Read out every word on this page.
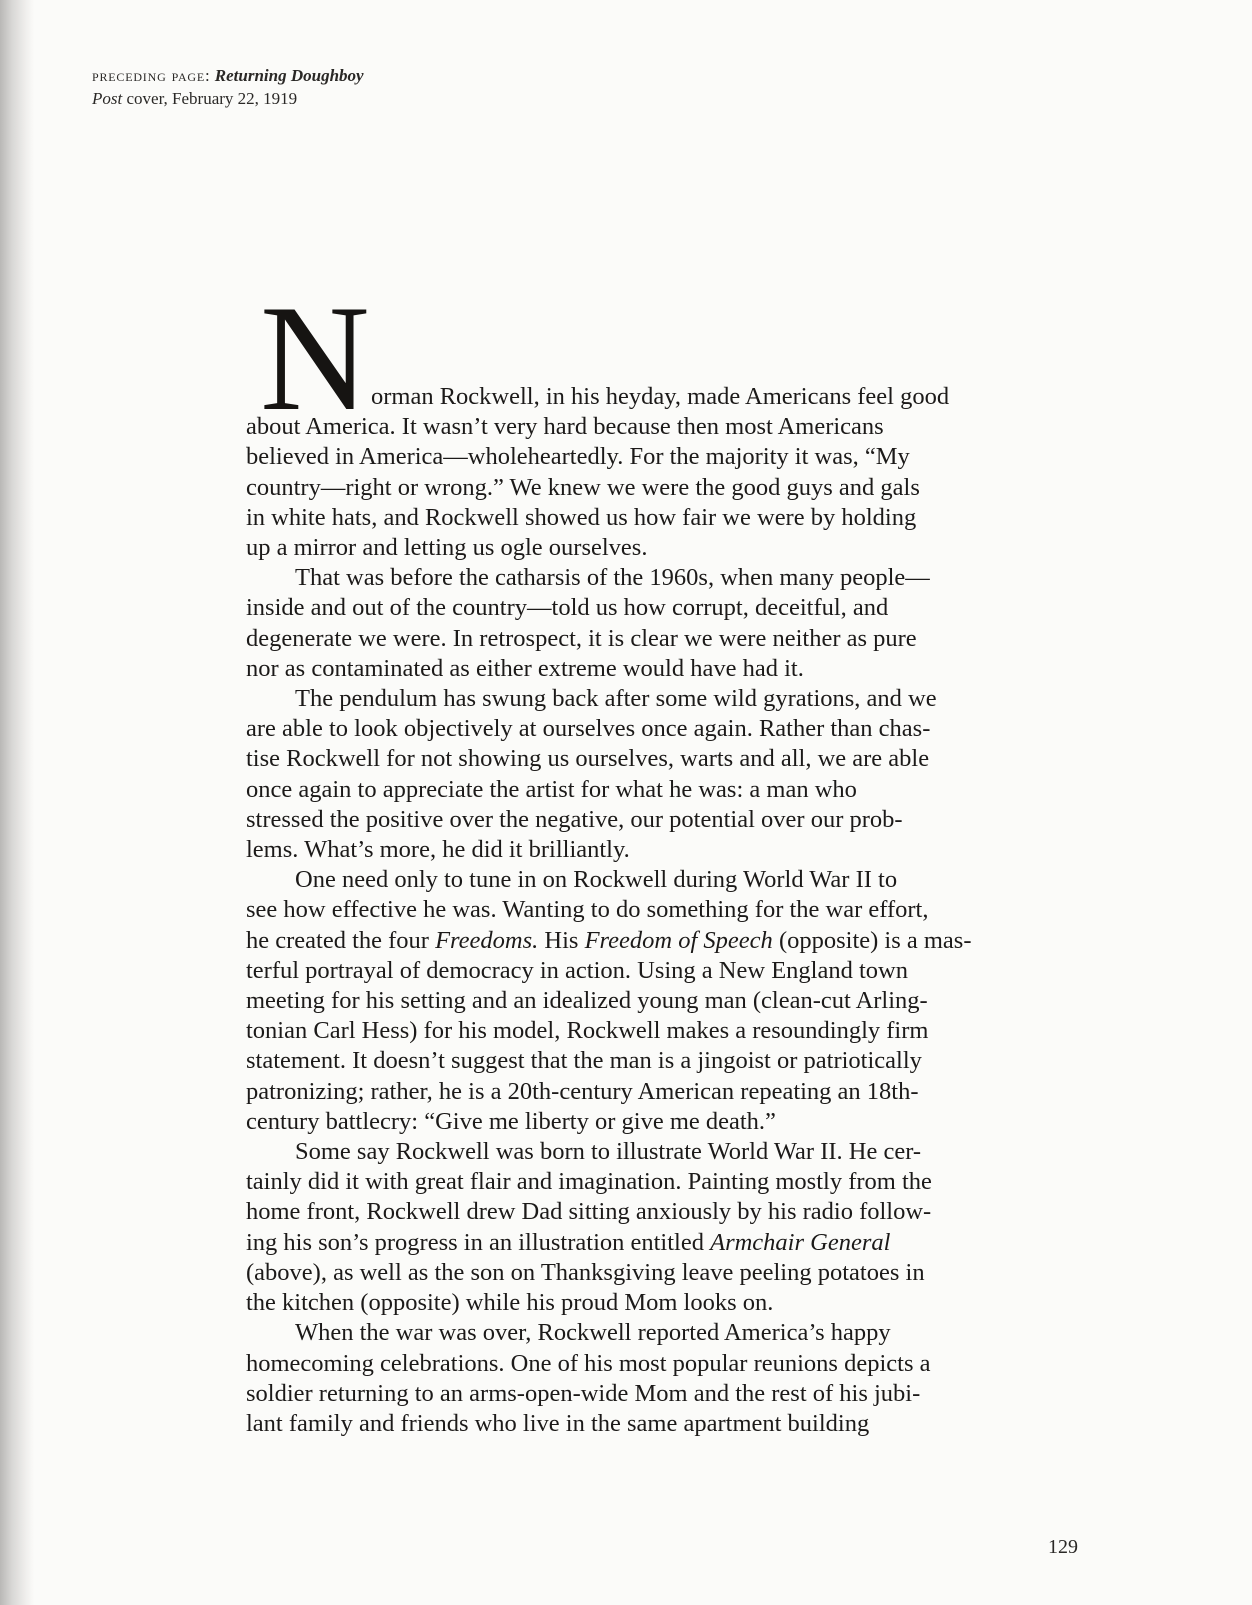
preceding page: Returning Doughboy
Post cover, February 22, 1919
N orman Rockwell, in his heyday, made Americans feel good
about America. It wasn’t very hard because then most Americans
believed in America—wholeheartedly. For the majority it was, “My
country—right or wrong.” We knew we were the good guys and gals
in white hats, and Rockwell showed us how fair we were by holding
up a mirror and letting us ogle ourselves.

That was before the catharsis of the 1960s, when many people—
inside and out of the country—told us how corrupt, deceitful, and
degenerate we were. In retrospect, it is clear we were neither as pure
nor as contaminated as either extreme would have had it.

The pendulum has swung back after some wild gyrations, and we
are able to look objectively at ourselves once again. Rather than chas-
tise Rockwell for not showing us ourselves, warts and all, we are able
once again to appreciate the artist for what he was: a man who
stressed the positive over the negative, our potential over our prob-
lems. What’s more, he did it brilliantly.

One need only to tune in on Rockwell during World War II to
see how effective he was. Wanting to do something for the war effort,
he created the four Freedoms. His Freedom of Speech (opposite) is a mas-
terful portrayal of democracy in action. Using a New England town
meeting for his setting and an idealized young man (clean-cut Arling-
tonian Carl Hess) for his model, Rockwell makes a resoundingly firm
statement. It doesn’t suggest that the man is a jingoist or patriotically
patronizing; rather, he is a 20th-century American repeating an 18th-
century battlecry: “Give me liberty or give me death.”

Some say Rockwell was born to illustrate World War II. He cer-
tainly did it with great flair and imagination. Painting mostly from the
home front, Rockwell drew Dad sitting anxiously by his radio follow-
ing his son’s progress in an illustration entitled Armchair General
(above), as well as the son on Thanksgiving leave peeling potatoes in
the kitchen (opposite) while his proud Mom looks on.

When the war was over, Rockwell reported America’s happy
homecoming celebrations. One of his most popular reunions depicts a
soldier returning to an arms-open-wide Mom and the rest of his jubi-
lant family and friends who live in the same apartment building

129
